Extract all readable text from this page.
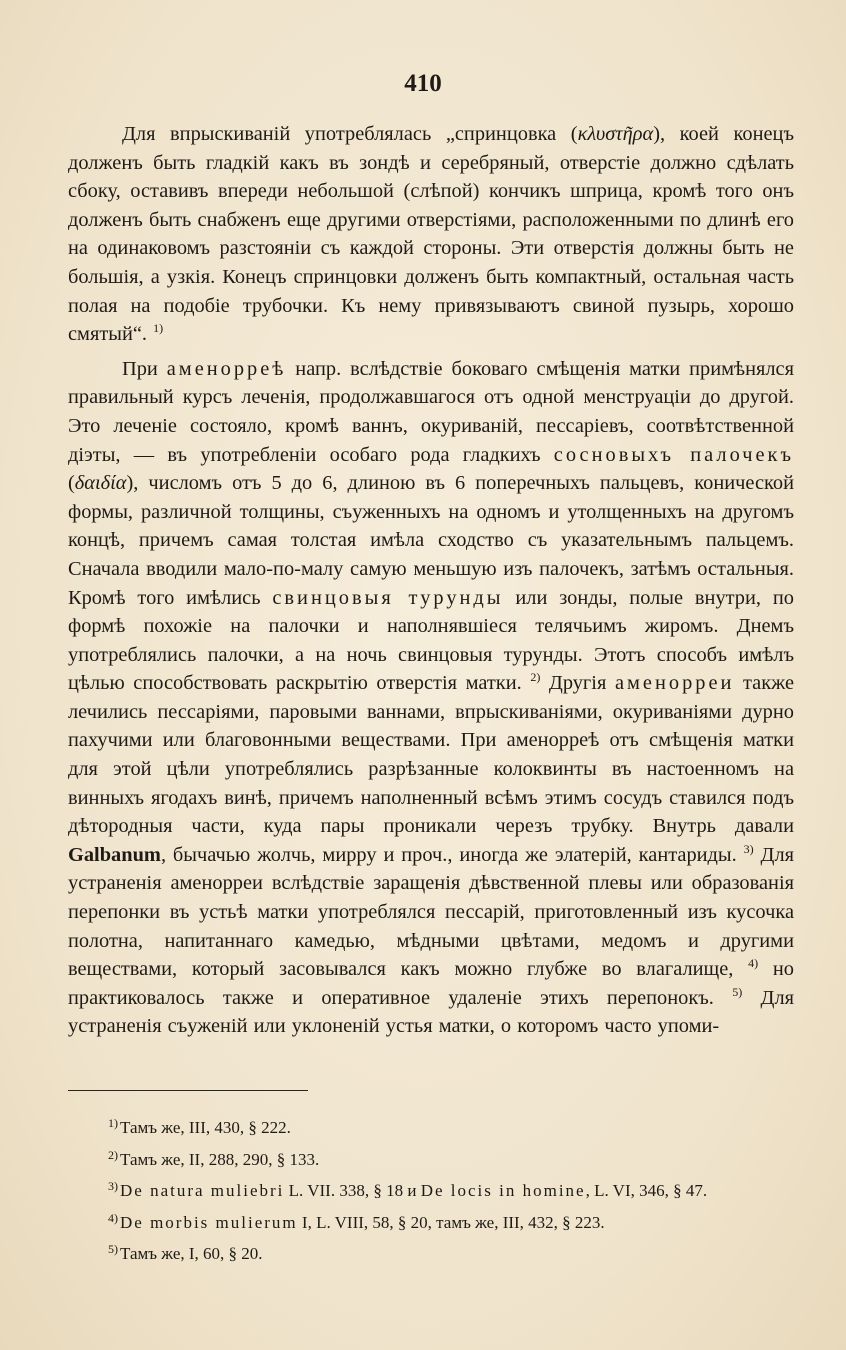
410

Для впрыскиваній употреблялась „спринцовка (κλυστῆρα), коей конецъ долженъ быть гладкій какъ въ зондѣ и серебряный, отверстіе должно сдѣлать сбоку, оставивъ впереди небольшой (слѣпой) кончикъ шприца, кромѣ того онъ долженъ быть снабженъ еще другими отверстіями, расположенными по длинѣ его на одинаковомъ разстояніи съ каждой стороны. Эти отверстія должны быть не большія, а узкія. Конецъ спринцовки долженъ быть компактный, остальная часть полая на подобіе трубочки. Къ нему привязываютъ свиной пузырь, хорошо смятый“. $^{1)}$

При аменорреѣ напр. вслѣдствіе боковаго смѣщенія матки примѣнялся правильный курсъ леченія, продолжавшагося отъ одной менструаціи до другой. Это леченіе состояло, кромѣ ваннъ, окуриваній, пессаріевъ, соотвѣтственной діэты, — въ употребленіи особаго рода гладкихъ сосновыхъ палочекъ (δαιδία), числомъ отъ 5 до 6, длиною въ 6 поперечныхъ пальцевъ, конической формы, различной толщины, съуженныхъ на одномъ и утолщенныхъ на другомъ концѣ, причемъ самая толстая имѣла сходство съ указательнымъ пальцемъ. Сначала вводили мало-по-малу самую меньшую изъ палочекъ, затѣмъ остальныя. Кромѣ того имѣлись свинцовыя турунды или зонды, полые внутри, по формѣ похожіе на палочки и наполнявшіеся телячьимъ жиромъ. Днемъ употреблялись палочки, а на ночь свинцовыя турунды. Этотъ способъ имѣлъ цѣлью способствовать раскрытію отверстія матки. $^{2)}$ Другія аменорреи также лечились пессаріями, паровыми ваннами, впрыскиваніями, окуриваніями дурно пахучими или благовонными веществами. При аменорреѣ отъ смѣщенія матки для этой цѣли употреблялись разрѣзанные колоквинты въ настоенномъ на винныхъ ягодахъ винѣ, причемъ наполненный всѣмъ этимъ сосудъ ставился подъ дѣтородныя части, куда пары проникали черезъ трубку. Внутрь давали Galbanum, бычачью жолчь, мирру и проч., иногда же элатерій, кантариды. $^{3)}$ Для устраненія аменорреи вслѣдствіе заращенія дѣвственной плевы или образованія перепонки въ устьѣ матки употреблялся пессарій, приготовленный изъ кусочка полотна, напитаннаго камедью, мѣдными цвѣтами, медомъ и другими веществами, который засовывался какъ можно глубже во влагалище, $^{4)}$ но практиковалось также и оперативное удаленіе этихъ перепонокъ. $^{5)}$ Для устраненія съуженій или уклоненій устья матки, о которомъ часто упоми-

$^{1)}$ Тамъ же, III, 430, § 222.

$^{2)}$ Тамъ же, II, 288, 290, § 133.

$^{3)}$ De natura muliebri L. VII. 338, § 18 и De locis in homine, L. VI, 346, § 47.

$^{4)}$ De morbis mulierum I, L. VIII, 58, § 20, тамъ же, III, 432, § 223.

$^{5)}$ Тамъ же, I, 60, § 20.
